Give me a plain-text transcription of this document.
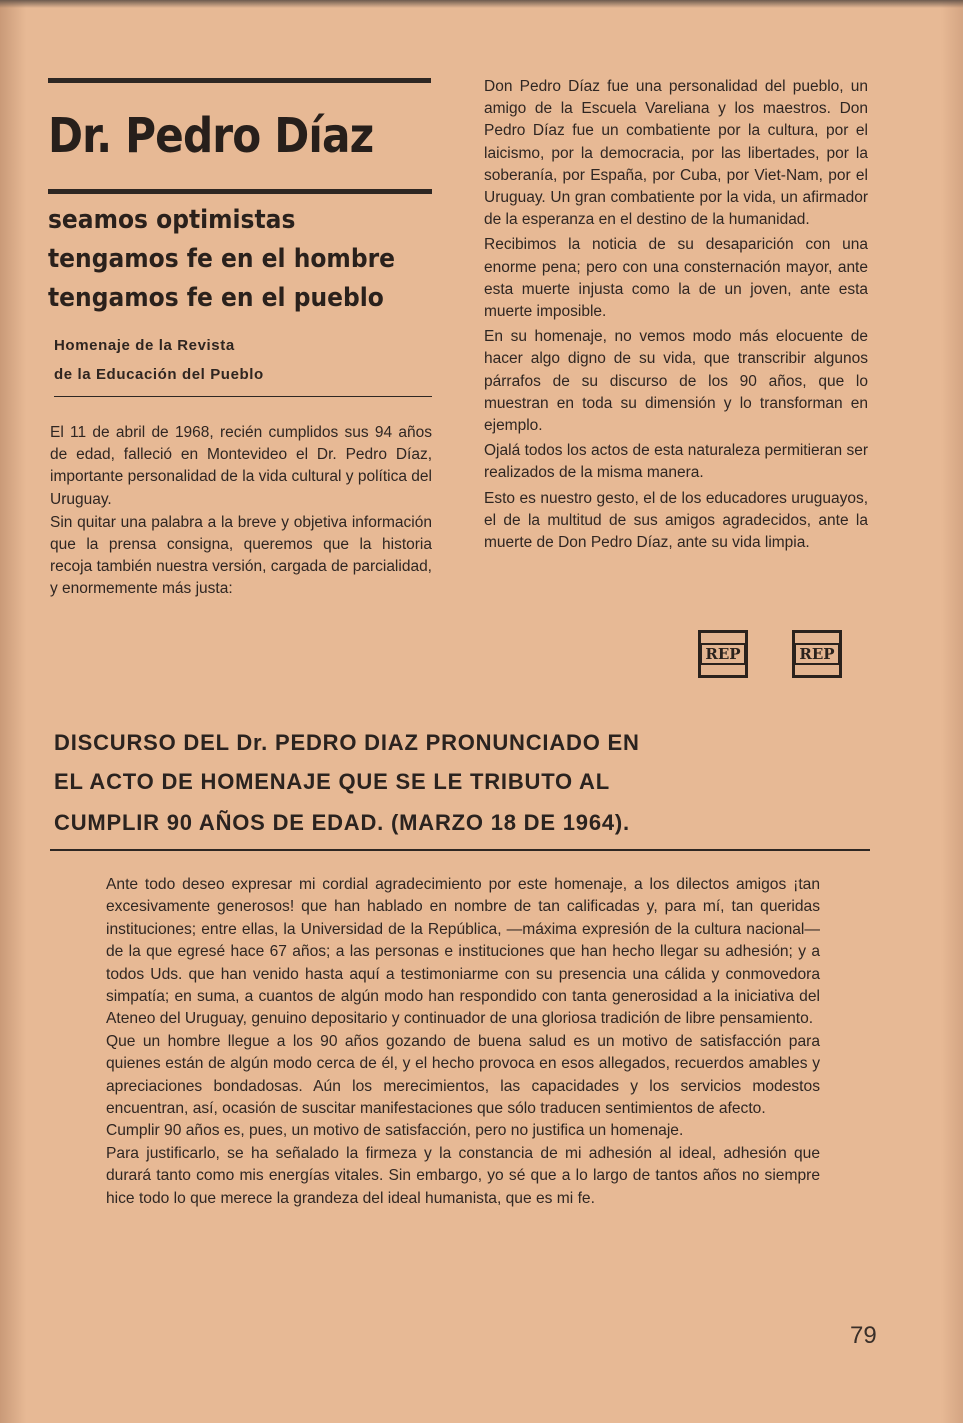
Dr. Pedro Díaz

seamos optimistas

tengamos fe en el hombre

tengamos fe en el pueblo

Homenaje de la Revista

de la Educación del Pueblo

El 11 de abril de 1968, recién cumplidos sus 94 años de edad, falleció en Montevideo el Dr. Pedro Díaz, importante personalidad de la vida cultural y política del Uruguay.

Sin quitar una palabra a la breve y objetiva información que la prensa consigna, queremos que la historia recoja también nuestra versión, cargada de parcialidad, y enormemente más justa:

Don Pedro Díaz fue una personalidad del pueblo, un amigo de la Escuela Vareliana y los maestros. Don Pedro Díaz fue un combatiente por la cultura, por el laicismo, por la democracia, por las libertades, por la soberanía, por España, por Cuba, por Viet-Nam, por el Uruguay. Un gran combatiente por la vida, un afirmador de la esperanza en el destino de la humanidad.

Recibimos la noticia de su desaparición con una enorme pena; pero con una consternación mayor, ante esta muerte injusta como la de un joven, ante esta muerte imposible.

En su homenaje, no vemos modo más elocuente de hacer algo digno de su vida, que transcribir algunos párrafos de su discurso de los 90 años, que lo muestran en toda su dimensión y lo transforman en ejemplo.

Ojalá todos los actos de esta naturaleza permitieran ser realizados de la misma manera.

Esto es nuestro gesto, el de los educadores uruguayos, el de la multitud de sus amigos agradecidos, ante la muerte de Don Pedro Díaz, ante su vida limpia.

REP	REP

DISCURSO DEL Dr. PEDRO DIAZ PRONUNCIADO EN

EL ACTO DE HOMENAJE QUE SE LE TRIBUTO AL

CUMPLIR 90 AÑOS DE EDAD. (MARZO 18 DE 1964).

Ante todo deseo expresar mi cordial agradecimiento por este homenaje, a los dilectos amigos ¡tan excesivamente generosos! que han hablado en nombre de tan calificadas y, para mí, tan queridas instituciones; entre ellas, la Universidad de la República, —máxima expresión de la cultura nacional— de la que egresé hace 67 años; a las personas e instituciones que han hecho llegar su adhesión; y a todos Uds. que han venido hasta aquí a testimoniarme con su presencia una cálida y conmovedora simpatía; en suma, a cuantos de algún modo han respondido con tanta generosidad a la iniciativa del Ateneo del Uruguay, genuino depositario y continuador de una gloriosa tradición de libre pensamiento.

Que un hombre llegue a los 90 años gozando de buena salud es un motivo de satisfacción para quienes están de algún modo cerca de él, y el hecho provoca en esos allegados, recuerdos amables y apreciaciones bondadosas. Aún los merecimientos, las capacidades y los servicios modestos encuentran, así, ocasión de suscitar manifestaciones que sólo traducen sentimientos de afecto.

Cumplir 90 años es, pues, un motivo de satisfacción, pero no justifica un homenaje.

Para justificarlo, se ha señalado la firmeza y la constancia de mi adhesión al ideal, adhesión que durará tanto como mis energías vitales. Sin embargo, yo sé que a lo largo de tantos años no siempre hice todo lo que merece la grandeza del ideal humanista, que es mi fe.

79
